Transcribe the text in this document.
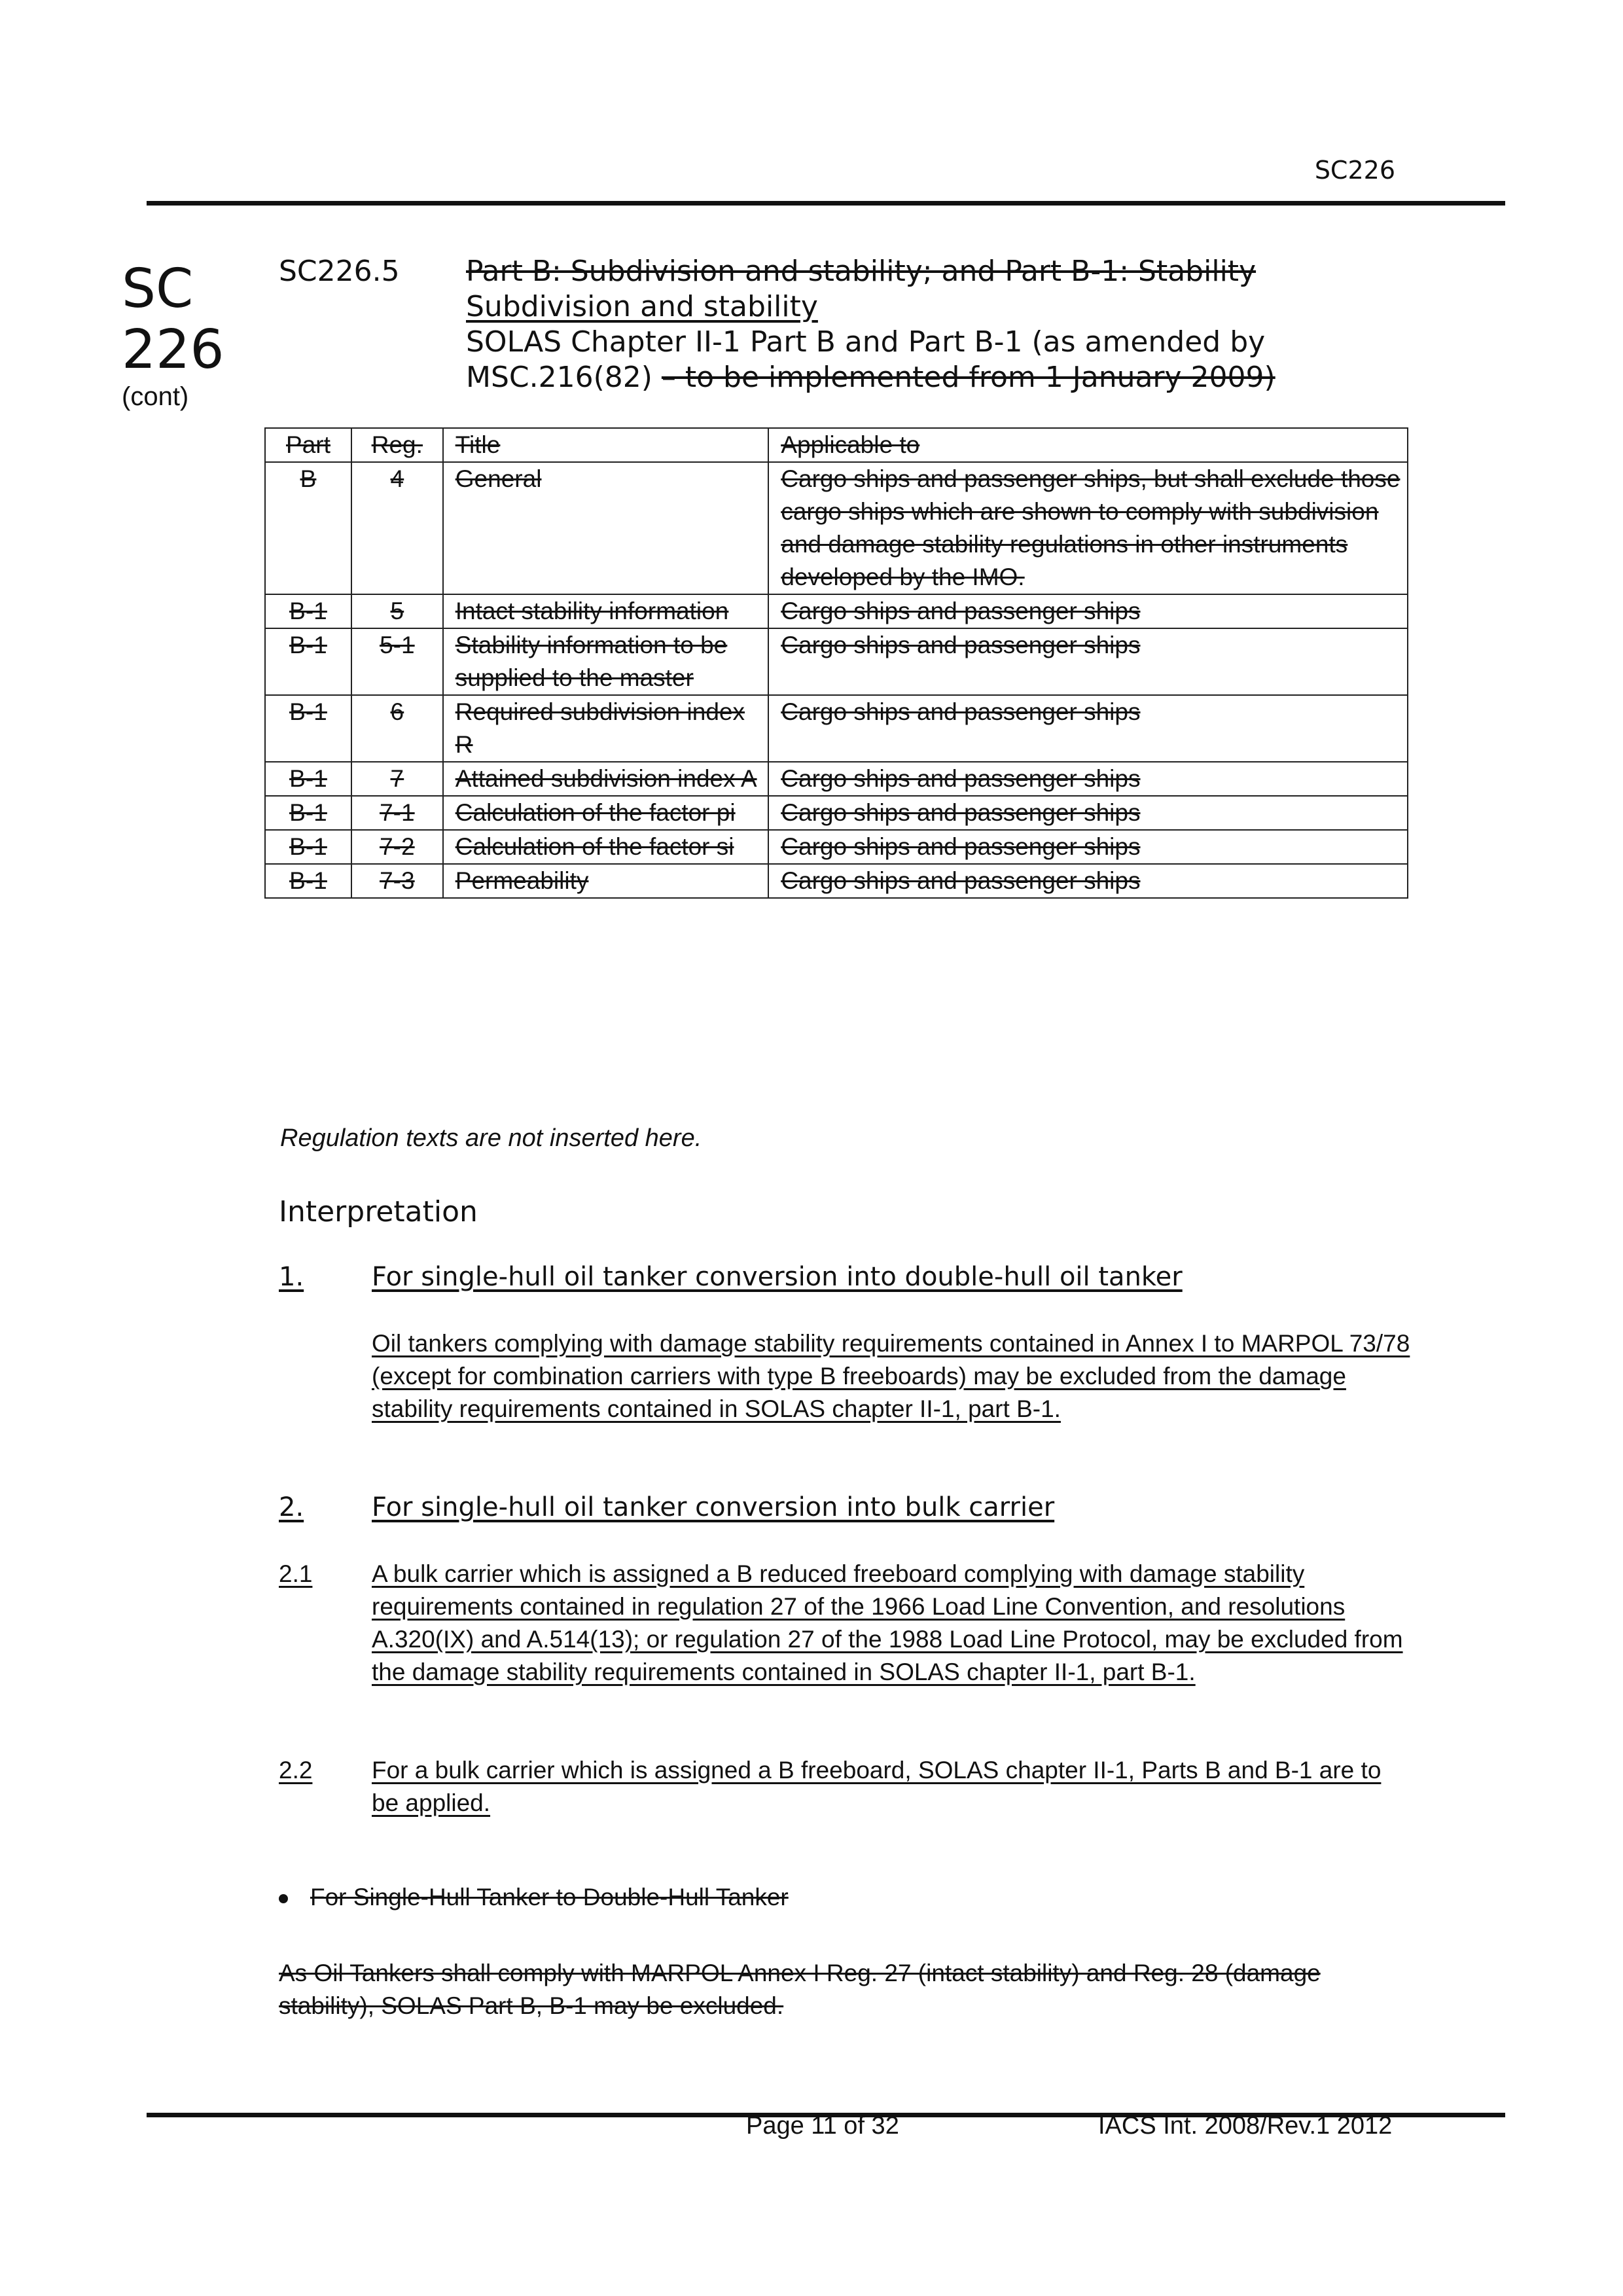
SC226
SC
226
(cont)
SC226.5 Part B: Subdivision and stability; and Part B-1: Stability
Subdivision and stability
SOLAS Chapter II-1 Part B and Part B-1 (as amended by
MSC.216(82) – to be implemented from 1 January 2009)
Part	Reg.	Title	Applicable to
B	4	General	Cargo ships and passenger ships, but shall exclude those cargo ships which are shown to comply with subdivision and damage stability regulations in other instruments developed by the IMO.
B-1	5	Intact stability information	Cargo ships and passenger ships
B-1	5-1	Stability information to be supplied to the master	Cargo ships and passenger ships
B-1	6	Required subdivision index R	Cargo ships and passenger ships
B-1	7	Attained subdivision index A	Cargo ships and passenger ships
B-1	7-1	Calculation of the factor pi	Cargo ships and passenger ships
B-1	7-2	Calculation of the factor si	Cargo ships and passenger ships
B-1	7-3	Permeability	Cargo ships and passenger ships
Regulation texts are not inserted here.
Interpretation
1.	For single-hull oil tanker conversion into double-hull oil tanker
Oil tankers complying with damage stability requirements contained in Annex I to MARPOL 73/78 (except for combination carriers with type B freeboards) may be excluded from the damage stability requirements contained in SOLAS chapter II-1, part B-1.
2.	For single-hull oil tanker conversion into bulk carrier
2.1 A bulk carrier which is assigned a B reduced freeboard complying with damage stability requirements contained in regulation 27 of the 1966 Load Line Convention, and resolutions A.320(IX) and A.514(13); or regulation 27 of the 1988 Load Line Protocol, may be excluded from the damage stability requirements contained in SOLAS chapter II-1, part B-1.
2.2 For a bulk carrier which is assigned a B freeboard, SOLAS chapter II-1, Parts B and B-1 are to be applied.
For Single-Hull Tanker to Double-Hull Tanker
As Oil Tankers shall comply with MARPOL Annex I Reg. 27 (intact stability) and Reg. 28 (damage stability), SOLAS Part B, B-1 may be excluded.
Page 11 of 32	IACS Int. 2008/Rev.1 2012
